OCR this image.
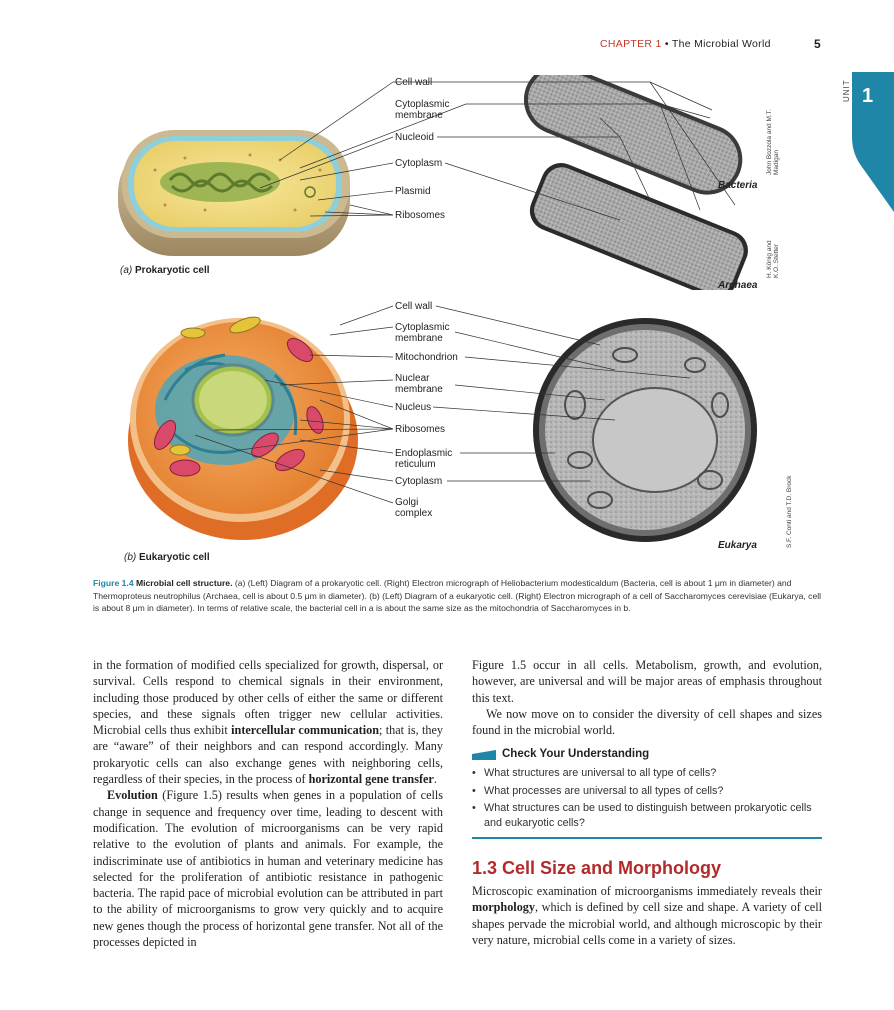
CHAPTER 1 • The Microbial World	5
1
UNIT
(a) Prokaryotic cell
Cell wall
Cytoplasmic membrane
Nucleoid
Cytoplasm
Plasmid
Ribosomes
Bacteria
Archaea
John Bozzola and M.T. Madigan
H. König and K.O. Stetter
(b) Eukaryotic cell
Cell wall
Cytoplasmic membrane
Mitochondrion
Nuclear membrane
Nucleus
Ribosomes
Endoplasmic reticulum
Cytoplasm
Golgi complex
Eukarya	S.F. Conti and T.D. Brock
Figure 1.4 Microbial cell structure. (a) (Left) Diagram of a prokaryotic cell. (Right) Electron micrograph of Heliobacterium modesticaldum (Bacteria, cell is about 1 μm in diameter) and Thermoproteus neutrophilus (Archaea, cell is about 0.5 μm in diameter). (b) (Left) Diagram of a eukaryotic cell. (Right) Electron micrograph of a cell of Saccharomyces cerevisiae (Eukarya, cell is about 8 μm in diameter). In terms of relative scale, the bacterial cell in a is about the same size as the mitochondria of Saccharomyces in b.

in the formation of modified cells specialized for growth, dispersal, or survival. Cells respond to chemical signals in their environment, including those produced by other cells of either the same or different species, and these signals often trigger new cellular activities. Microbial cells thus exhibit intercellular communication; that is, they are “aware” of their neighbors and can respond accordingly. Many prokaryotic cells can also exchange genes with neighboring cells, regardless of their species, in the process of horizontal gene transfer.

Evolution (Figure 1.5) results when genes in a population of cells change in sequence and frequency over time, leading to descent with modification. The evolution of microorganisms can be very rapid relative to the evolution of plants and animals. For example, the indiscriminate use of antibiotics in human and veterinary medicine has selected for the proliferation of antibiotic resistance in pathogenic bacteria. The rapid pace of microbial evolution can be attributed in part to the ability of microorganisms to grow very quickly and to acquire new genes though the process of horizontal gene transfer. Not all of the processes depicted in

Figure 1.5 occur in all cells. Metabolism, growth, and evolution, however, are universal and will be major areas of emphasis throughout this text.

We now move on to consider the diversity of cell shapes and sizes found in the microbial world.

Check Your Understanding
• What structures are universal to all type of cells?
• What processes are universal to all types of cells?
• What structures can be used to distinguish between prokaryotic cells and eukaryotic cells?
1.3 Cell Size and Morphology

Microscopic examination of microorganisms immediately reveals their morphology, which is defined by cell size and shape. A variety of cell shapes pervade the microbial world, and although microscopic by their very nature, microbial cells come in a variety of sizes.
